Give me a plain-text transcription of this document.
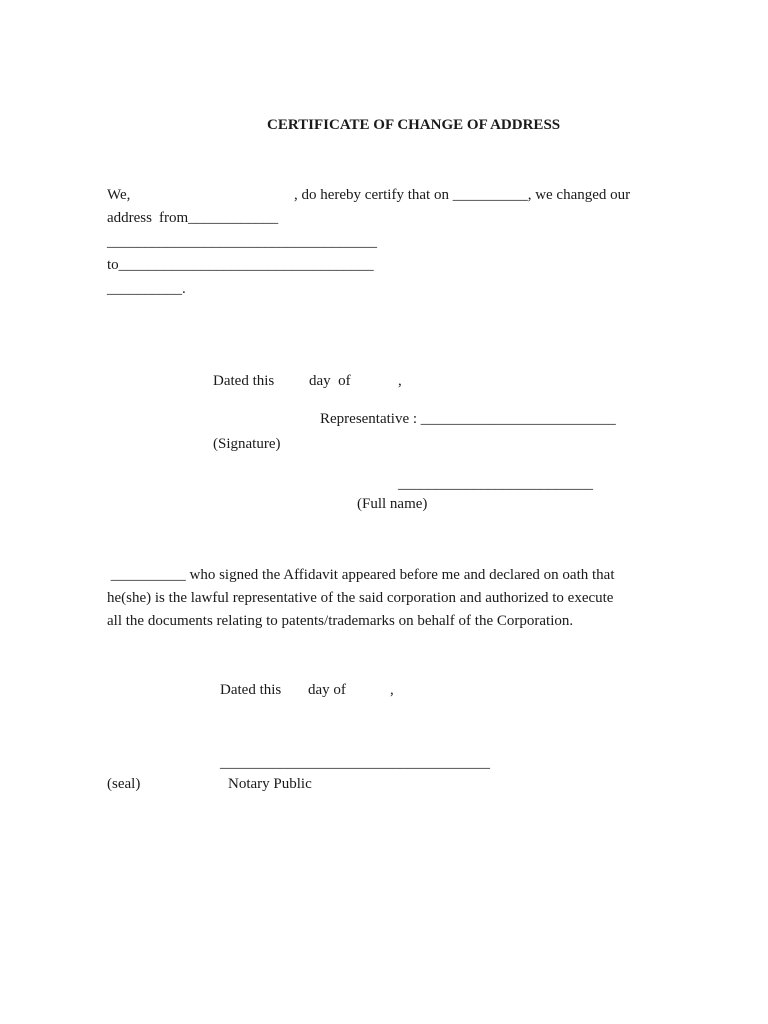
CERTIFICATE OF CHANGE OF ADDRESS
We,	, do hereby certify that on __________, we changed our
address from____________
____________________________________
to__________________________________
__________.
Dated this day  of	,
Representative : __________________________
(Signature)
__________________________
(Full name)
__________ who signed the Affidavit appeared before me and declared on oath that
he(she) is the lawful representative of the said corporation and authorized to execute
all the documents relating to patents/trademarks on behalf of the Corporation.
Dated this day of	,
____________________________________
(seal)	Notary Public
